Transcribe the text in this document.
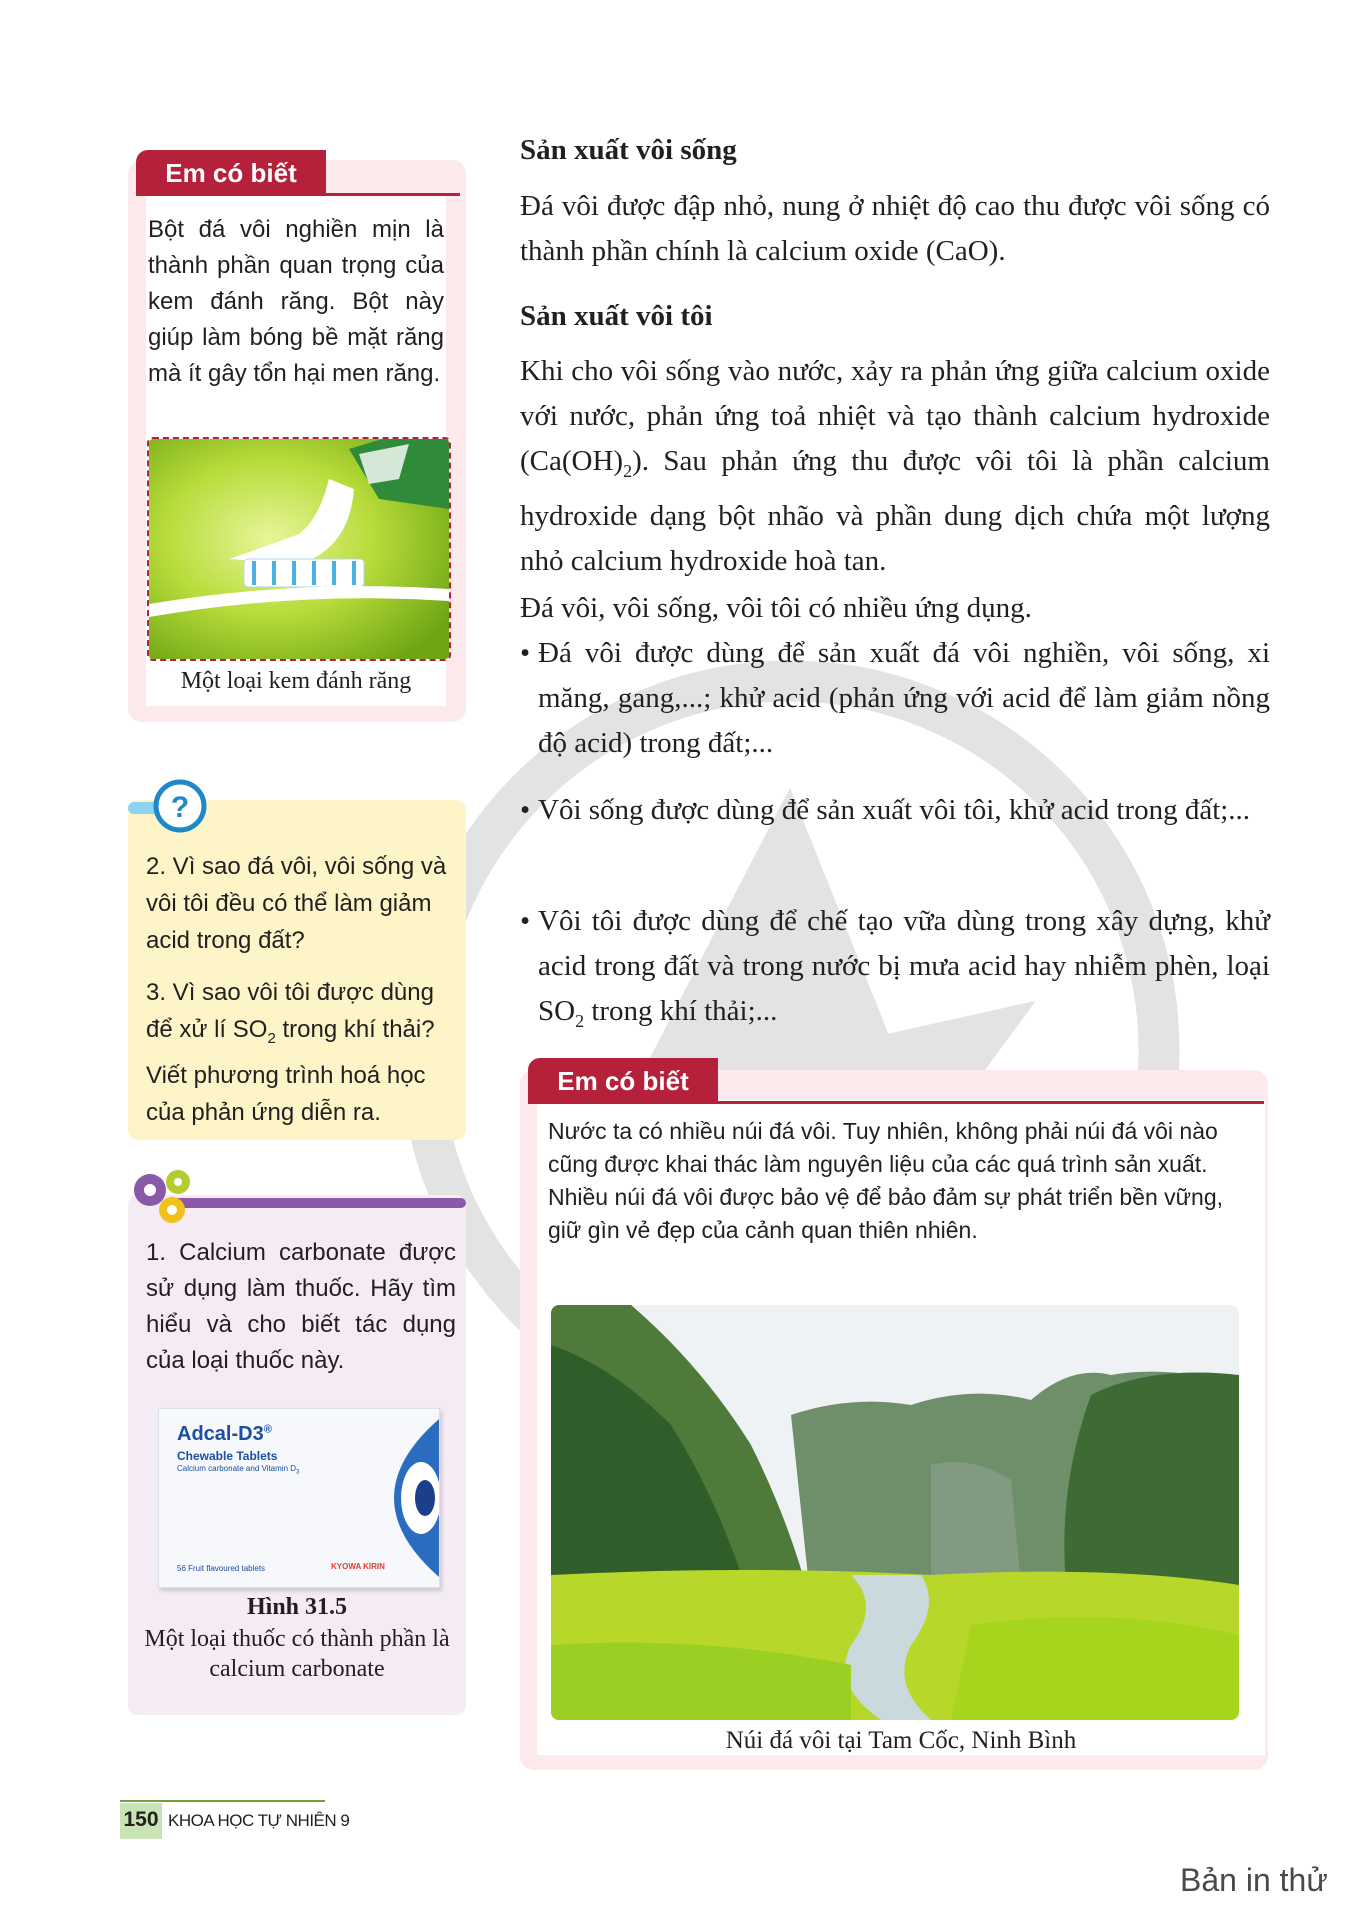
Em có biết
Bột đá vôi nghiền mịn là thành phần quan trọng của kem đánh răng. Bột này giúp làm bóng bề mặt răng mà ít gây tổn hại men răng.
Một loại kem đánh răng
?
2. Vì sao đá vôi, vôi sống và vôi tôi đều có thể làm giảm acid trong đất?
3. Vì sao vôi tôi được dùng để xử lí $SO_2$ trong khí thải? Viết phương trình hoá học của phản ứng diễn ra.
1. Calcium carbonate được sử dụng làm thuốc. Hãy tìm hiểu và cho biết tác dụng của loại thuốc này.
Adcal-D3®
Chewable Tablets
Calcium carbonate and Vitamin $D_3$
56 Fruit flavoured tablets	KYOWA KIRIN
Hình 31.5
Một loại thuốc có thành phần là calcium carbonate
Sản xuất vôi sống
Đá vôi được đập nhỏ, nung ở nhiệt độ cao thu được vôi sống có thành phần chính là calcium oxide (CaO).
Sản xuất vôi tôi
Khi cho vôi sống vào nước, xảy ra phản ứng giữa calcium oxide với nước, phản ứng toả nhiệt và tạo thành calcium hydroxide $(Ca(OH)_2)$. Sau phản ứng thu được vôi tôi là phần calcium hydroxide dạng bột nhão và phần dung dịch chứa một lượng nhỏ calcium hydroxide hoà tan.
Đá vôi, vôi sống, vôi tôi có nhiều ứng dụng.
• Đá vôi được dùng để sản xuất đá vôi nghiền, vôi sống, xi măng, gang,...; khử acid (phản ứng với acid để làm giảm nồng độ acid) trong đất;...
• Vôi sống được dùng để sản xuất vôi tôi, khử acid trong đất;...
• Vôi tôi được dùng để chế tạo vữa dùng trong xây dựng, khử acid trong đất và trong nước bị mưa acid hay nhiễm phèn, loại $SO_2$ trong khí thải;...
Em có biết
Nước ta có nhiều núi đá vôi. Tuy nhiên, không phải núi đá vôi nào cũng được khai thác làm nguyên liệu của các quá trình sản xuất. Nhiều núi đá vôi được bảo vệ để bảo đảm sự phát triển bền vững, giữ gìn vẻ đẹp của cảnh quan thiên nhiên.
Núi đá vôi tại Tam Cốc, Ninh Bình
150 KHOA HỌC TỰ NHIÊN 9
Bản in thử
